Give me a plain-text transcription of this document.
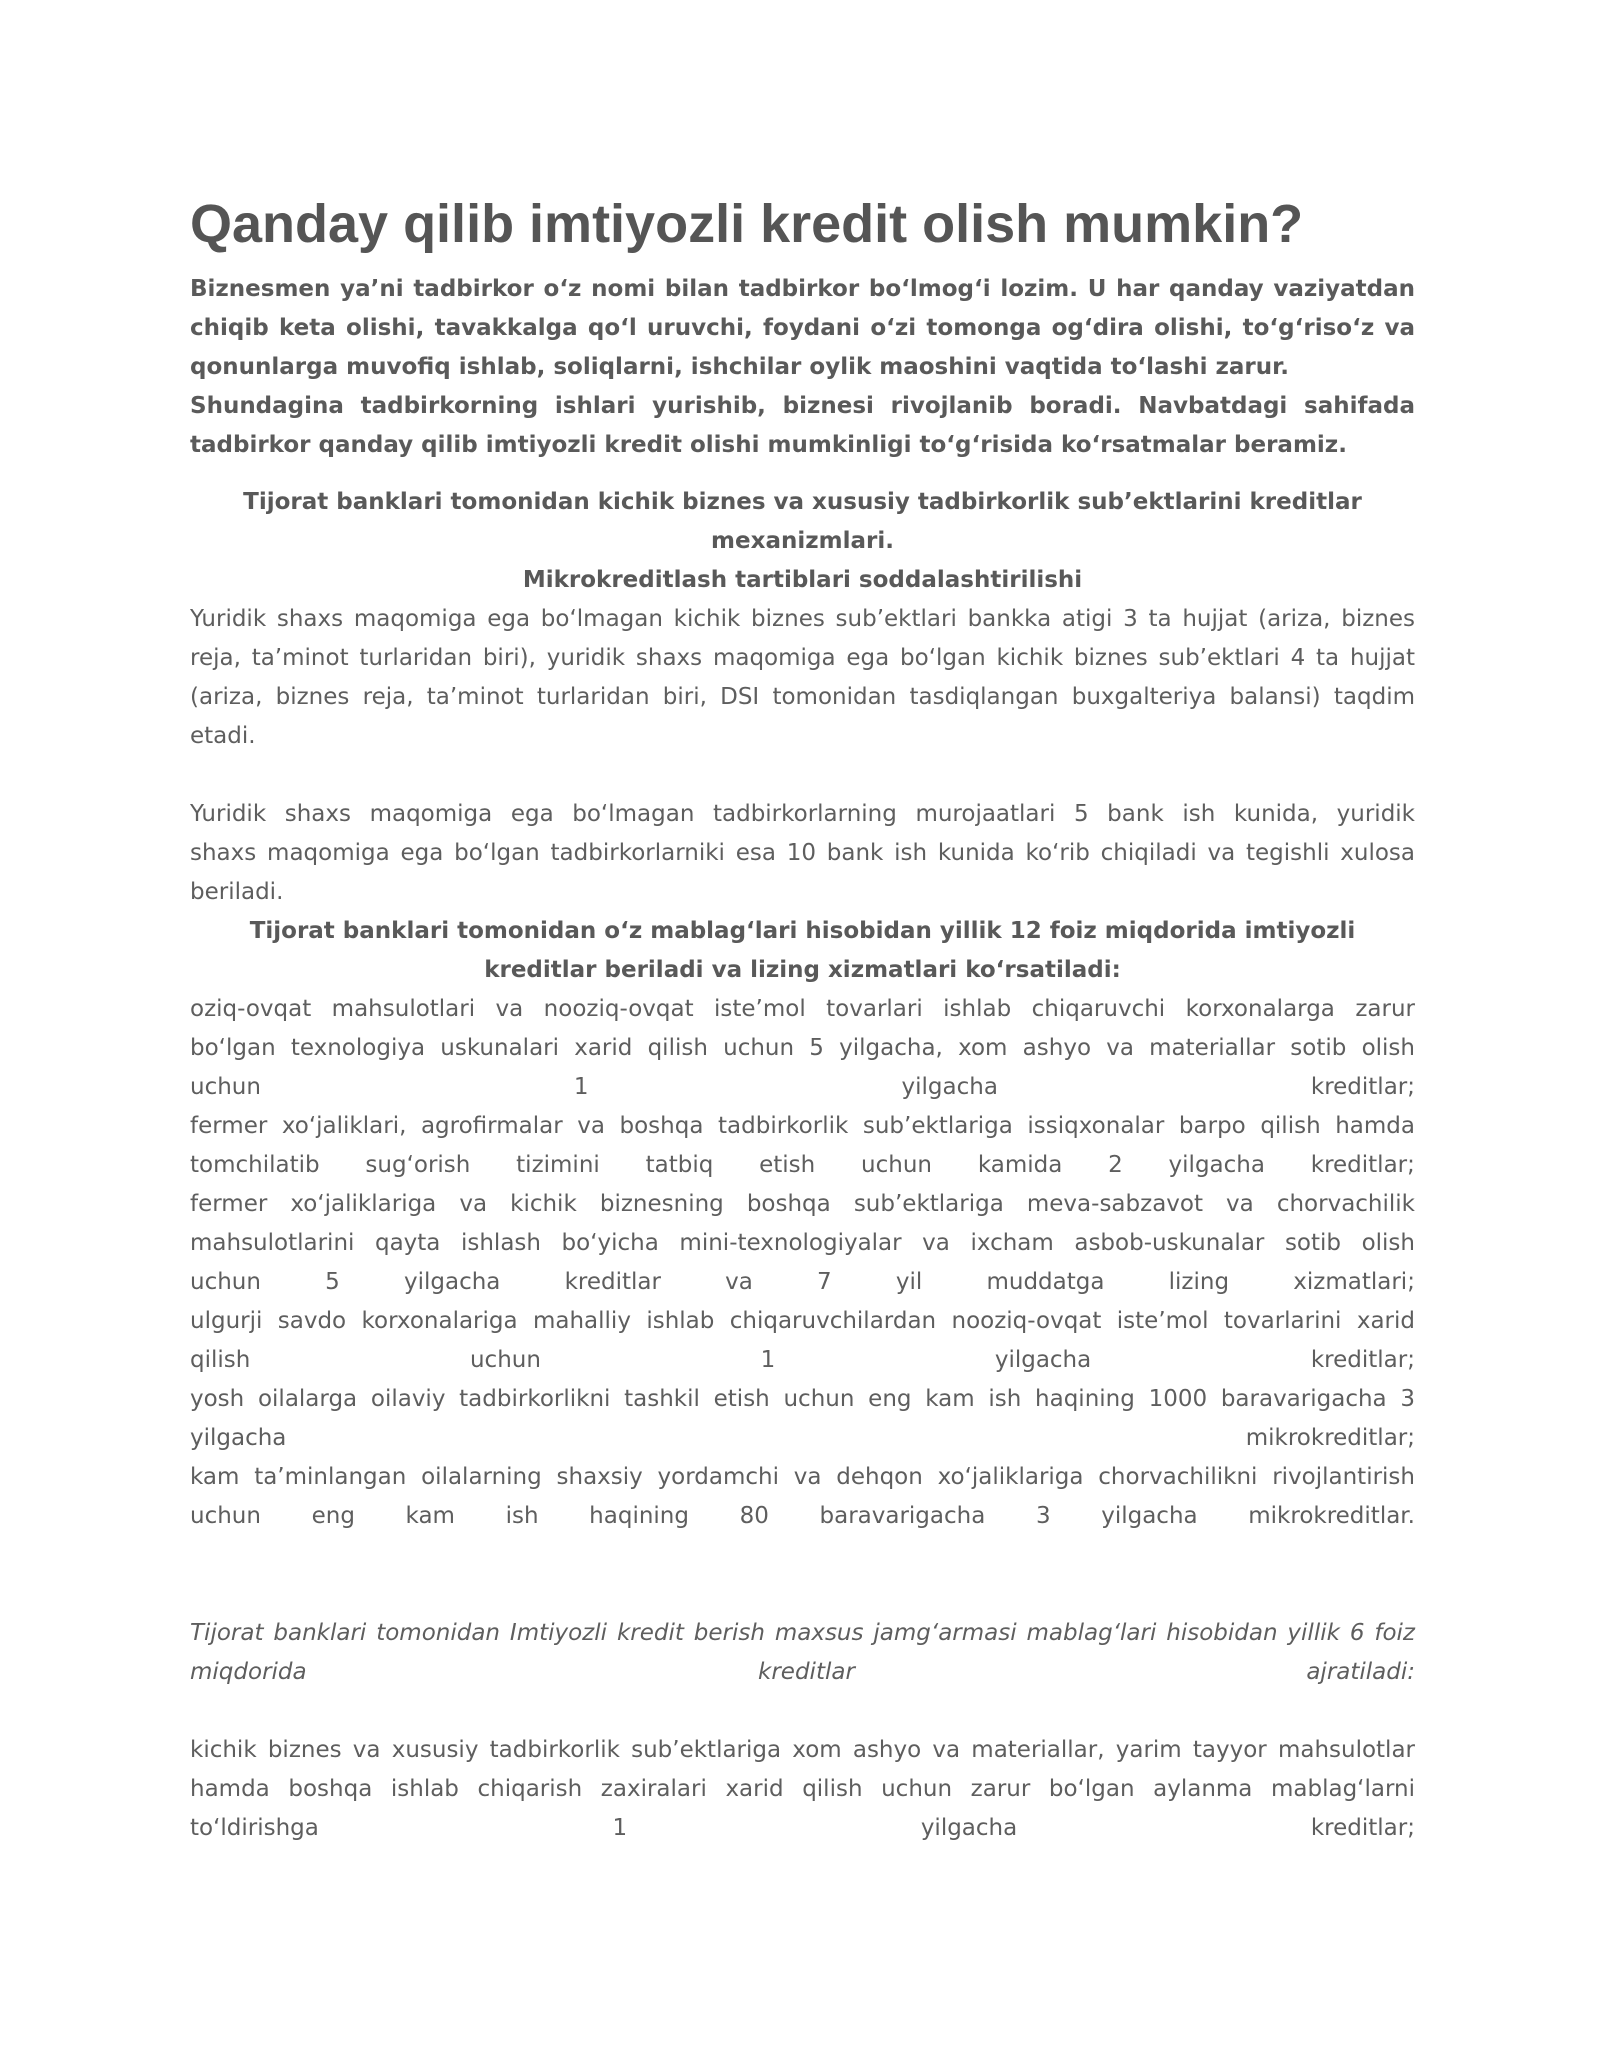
Qanday qilib imtiyozli kredit olish mumkin?

Biznesmen ya’ni tadbirkor o‘z nomi bilan tadbirkor bo‘lmog‘i lozim. U har qanday vaziyatdan

chiqib keta olishi, tavakkalga qo‘l uruvchi, foydani o‘zi tomonga og‘dira olishi, to‘g‘riso‘z va

qonunlarga muvofiq ishlab, soliqlarni, ishchilar oylik maoshini vaqtida to‘lashi zarur.

Shundagina tadbirkorning ishlari yurishib, biznesi rivojlanib boradi. Navbatdagi sahifada

tadbirkor qanday qilib imtiyozli kredit olishi mumkinligi to‘g‘risida ko‘rsatmalar beramiz.

Tijorat banklari tomonidan kichik biznes va xususiy tadbirkorlik sub’ektlarini kreditlar

mexanizmlari.

Mikrokreditlash tartiblari soddalashtirilishi

Yuridik shaxs maqomiga ega bo‘lmagan kichik biznes sub’ektlari bankka atigi 3 ta hujjat (ariza, biznes

reja, ta’minot turlaridan biri), yuridik shaxs maqomiga ega bo‘lgan kichik biznes sub’ektlari 4 ta hujjat

(ariza, biznes reja, ta’minot turlaridan biri, DSI tomonidan tasdiqlangan buxgalteriya balansi) taqdim

etadi.

Yuridik shaxs maqomiga ega bo‘lmagan tadbirkorlarning murojaatlari 5 bank ish kunida, yuridik

shaxs maqomiga ega bo‘lgan tadbirkorlarniki esa 10 bank ish kunida ko‘rib chiqiladi va tegishli xulosa

beriladi.

Tijorat banklari tomonidan o‘z mablag‘lari hisobidan yillik 12 foiz miqdorida imtiyozli

kreditlar beriladi va lizing xizmatlari ko‘rsatiladi:

oziq-ovqat mahsulotlari va nooziq-ovqat iste’mol tovarlari ishlab chiqaruvchi korxonalarga zarur

bo‘lgan texnologiya uskunalari xarid qilish uchun 5 yilgacha, xom ashyo va materiallar sotib olish

uchun	1	yilgacha	kreditlar;

fermer xo‘jaliklari, agrofirmalar va boshqa tadbirkorlik sub’ektlariga issiqxonalar barpo qilish hamda

tomchilatib sug‘orish tizimini tatbiq etish uchun kamida 2 yilgacha kreditlar;

fermer xo‘jaliklariga va kichik biznesning boshqa sub’ektlariga meva-sabzavot va chorvachilik

mahsulotlarini qayta ishlash bo‘yicha mini-texnologiyalar va ixcham asbob-uskunalar sotib olish

uchun	5	yilgacha	kreditlar	va	7	yil	muddatga	lizing	xizmatlari;

ulgurji savdo korxonalariga mahalliy ishlab chiqaruvchilardan nooziq-ovqat iste’mol tovarlarini xarid

qilish	uchun	1	yilgacha	kreditlar;

yosh oilalarga oilaviy tadbirkorlikni tashkil etish uchun eng kam ish haqining 1000 baravarigacha 3

yilgacha	mikrokreditlar;

kam ta’minlangan oilalarning shaxsiy yordamchi va dehqon xo‘jaliklariga chorvachilikni rivojlantirish

uchun eng kam ish haqining 80 baravarigacha 3 yilgacha mikrokreditlar.

Tijorat banklari tomonidan Imtiyozli kredit berish maxsus jamg‘armasi mablag‘lari hisobidan yillik 6 foiz

miqdorida	kreditlar	ajratiladi:

kichik biznes va xususiy tadbirkorlik sub’ektlariga xom ashyo va materiallar, yarim tayyor mahsulotlar

hamda boshqa ishlab chiqarish zaxiralari xarid qilish uchun zarur bo‘lgan aylanma mablag‘larni

to‘ldirishga	1	yilgacha	kreditlar;
